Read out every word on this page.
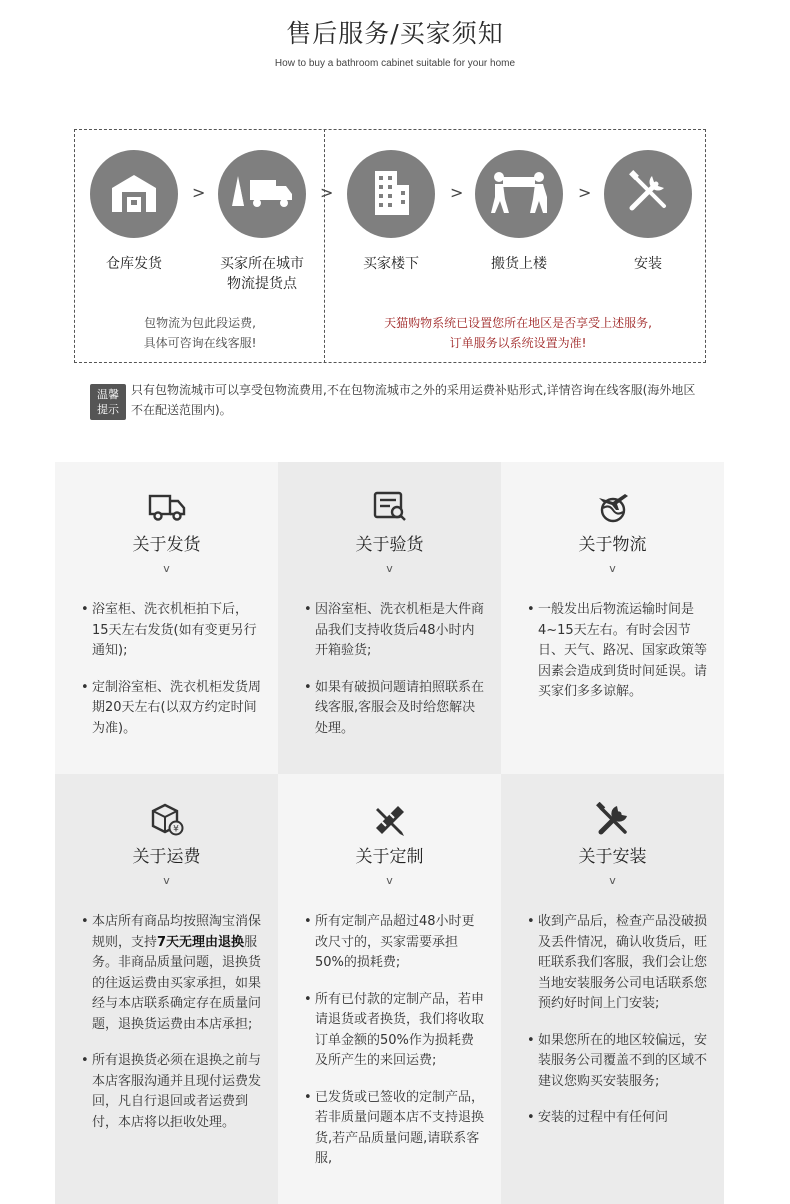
售后服务/买家须知
How to buy a bathroom cabinet suitable for your home
仓库发货
>
买家所在城市
物流提货点
>
买家楼下
>
搬货上楼
>
安装
包物流为包此段运费,
具体可咨询在线客服!
天猫购物系统已设置您所在地区是否享受上述服务,
订单服务以系统设置为准!
温馨
提示
只有包物流城市可以享受包物流费用,不在包物流城市之外的采用运费补贴形式,详情咨询在线客服(海外地区不在配送范围内)。
关于发货
v
• 浴室柜、洗衣机柜拍下后，15天左右发货(如有变更另行通知);
• 定制浴室柜、洗衣机柜发货周期20天左右(以双方约定时间为准)。
关于验货
v
• 因浴室柜、洗衣机柜是大件商品我们支持收货后48小时内开箱验货;
• 如果有破损问题请拍照联系在线客服,客服会及时给您解决处理。
关于物流
v
• 一般发出后物流运输时间是4~15天左右。有时会因节日、天气、路况、国家政策等因素会造成到货时间延误。请买家们多多谅解。
¥
关于运费
v
• 本店所有商品均按照淘宝消保规则，支持7天无理由退换服务。非商品质量问题，退换货的往返运费由买家承担，如果经与本店联系确定存在质量问题，退换货运费由本店承担;
• 所有退换货必须在退换之前与本店客服沟通并且现付运费发回，凡自行退回或者运费到付，本店将以拒收处理。
关于定制
v
• 所有定制产品超过48小时更改尺寸的，买家需要承担50%的损耗费;
• 所有已付款的定制产品，若申请退货或者换货，我们将收取订单金额的50%作为损耗费及所产生的来回运费;
• 已发货或已签收的定制产品，若非质量问题本店不支持退换货,若产品质量问题,请联系客服,
关于安装
v
• 收到产品后，检查产品没破损及丢件情况，确认收货后，旺旺联系我们客服，我们会让您当地安装服务公司电话联系您预约好时间上门安装;
• 如果您所在的地区较偏远，安装服务公司覆盖不到的区域不建议您购买安装服务;
• 安装的过程中有任何问
